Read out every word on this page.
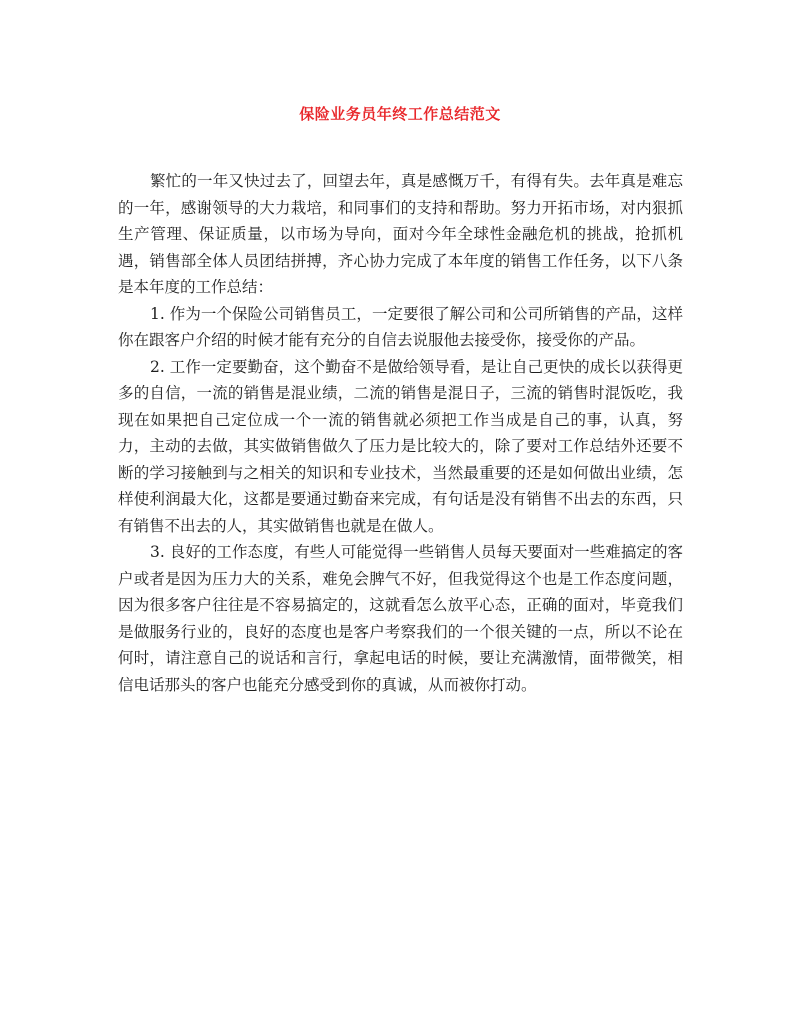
保险业务员年终工作总结范文

繁忙的一年又快过去了，回望去年，真是感慨万千，有得有失。去年真是难忘的一年，感谢领导的大力栽培，和同事们的支持和帮助。努力开拓市场，对内狠抓生产管理、保证质量，以市场为导向，面对今年全球性金融危机的挑战，抢抓机遇，销售部全体人员团结拼搏，齐心协力完成了本年度的销售工作任务，以下八条是本年度的工作总结：

1. 作为一个保险公司销售员工，一定要很了解公司和公司所销售的产品，这样你在跟客户介绍的时候才能有充分的自信去说服他去接受你，接受你的产品。

2. 工作一定要勤奋，这个勤奋不是做给领导看，是让自己更快的成长以获得更多的自信，一流的销售是混业绩，二流的销售是混日子，三流的销售时混饭吃，我现在如果把自己定位成一个一流的销售就必须把工作当成是自己的事，认真，努力，主动的去做，其实做销售做久了压力是比较大的，除了要对工作总结外还要不断的学习接触到与之相关的知识和专业技术，当然最重要的还是如何做出业绩，怎样使利润最大化，这都是要通过勤奋来完成，有句话是没有销售不出去的东西，只有销售不出去的人，其实做销售也就是在做人。

3. 良好的工作态度，有些人可能觉得一些销售人员每天要面对一些难搞定的客户或者是因为压力大的关系，难免会脾气不好，但我觉得这个也是工作态度问题，因为很多客户往往是不容易搞定的，这就看怎么放平心态，正确的面对，毕竟我们是做服务行业的，良好的态度也是客户考察我们的一个很关键的一点，所以不论在何时，请注意自己的说话和言行，拿起电话的时候，要让充满激情，面带微笑，相信电话那头的客户也能充分感受到你的真诚，从而被你打动。
